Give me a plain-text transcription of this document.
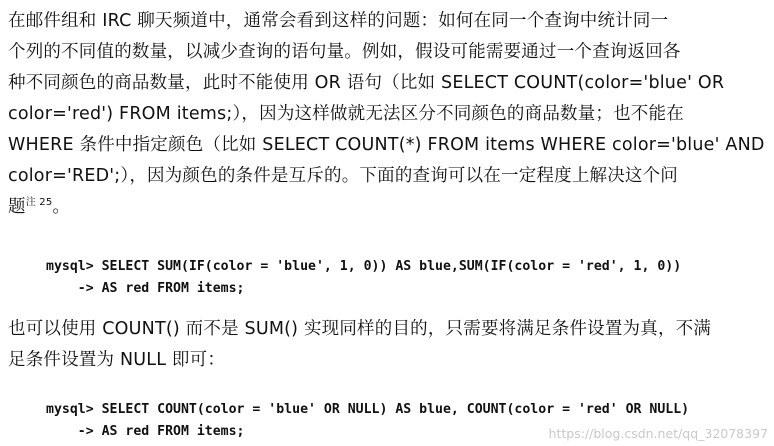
在邮件组和 IRC 聊天频道中，通常会看到这样的问题：如何在同一个查询中统计同一
个列的不同值的数量，以减少查询的语句量。例如，假设可能需要通过一个查询返回各
种不同颜色的商品数量，此时不能使用 OR 语句（比如 SELECT COUNT(color='blue' OR
color='red') FROM items;），因为这样做就无法区分不同颜色的商品数量；也不能在
WHERE 条件中指定颜色（比如 SELECT COUNT(*) FROM items WHERE color='blue' AND
color='RED';），因为颜色的条件是互斥的。下面的查询可以在一定程度上解决这个问
题$^{注 25}$。

mysql> SELECT SUM(IF(color = 'blue', 1, 0)) AS blue,SUM(IF(color = 'red', 1, 0))
-> AS red FROM items;

也可以使用 COUNT() 而不是 SUM() 实现同样的目的，只需要将满足条件设置为真，不满
足条件设置为 NULL 即可：

mysql> SELECT COUNT(color = 'blue' OR NULL) AS blue, COUNT(color = 'red' OR NULL)
-> AS red FROM items;	https://blog.csdn.net/qq_32078397
